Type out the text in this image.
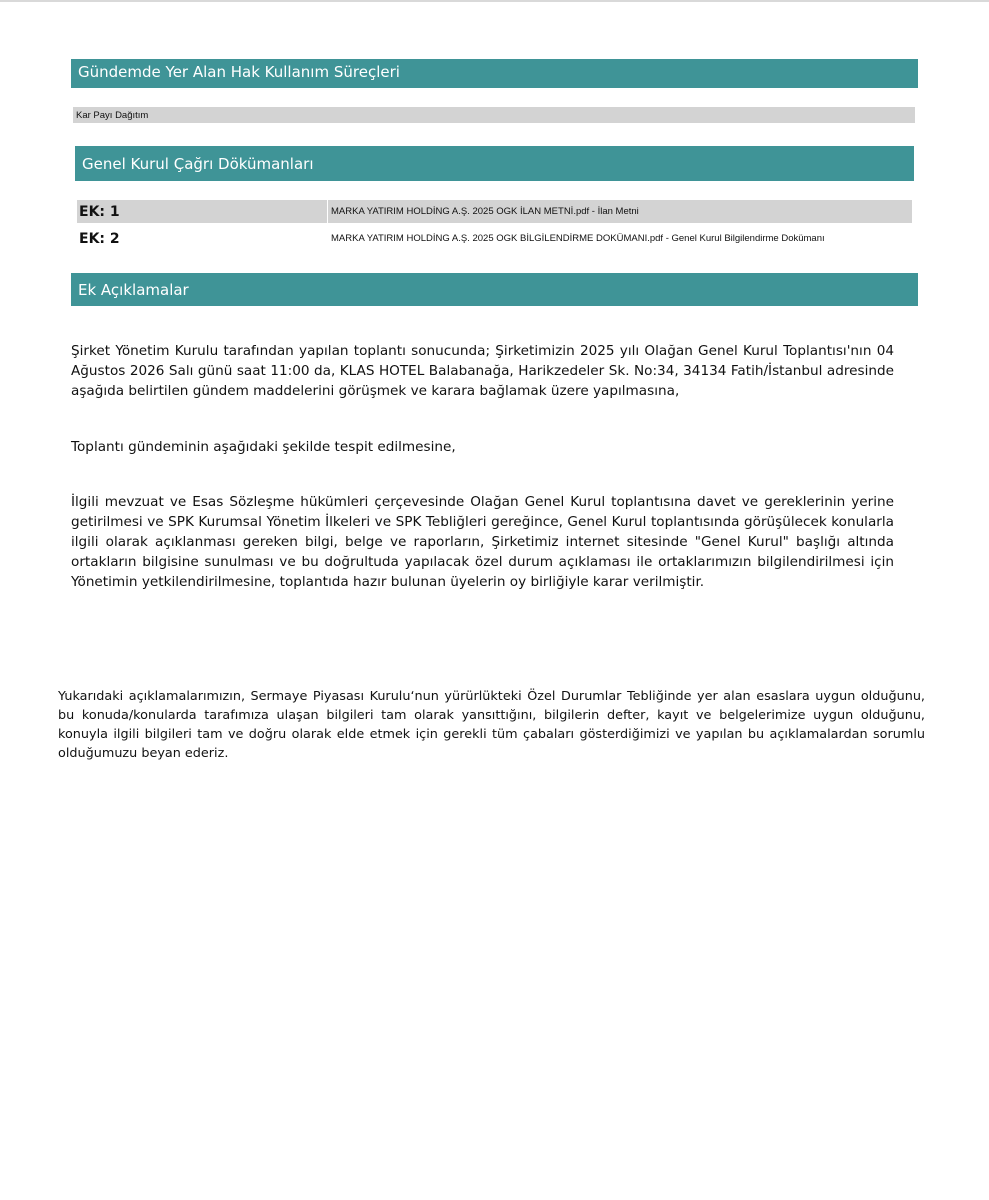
Gündemde Yer Alan Hak Kullanım Süreçleri
Kar Payı Dağıtım
Genel Kurul Çağrı Dökümanları
EK: 1	MARKA YATIRIM HOLDİNG A.Ş. 2025 OGK İLAN METNİ.pdf - İlan Metni
EK: 2	MARKA YATIRIM HOLDİNG A.Ş. 2025 OGK BİLGİLENDİRME DOKÜMANI.pdf - Genel Kurul Bilgilendirme Dokümanı
Ek Açıklamalar

Şirket Yönetim Kurulu tarafından yapılan toplantı sonucunda; Şirketimizin 2025 yılı Olağan Genel Kurul Toplantısı'nın 04 Ağustos 2026 Salı günü saat 11:00 da, KLAS HOTEL Balabanağa, Harikzedeler Sk. No:34, 34134 Fatih/İstanbul adresinde aşağıda belirtilen gündem maddelerini görüşmek ve karara bağlamak üzere yapılmasına,

Toplantı gündeminin aşağıdaki şekilde tespit edilmesine,

İlgili mevzuat ve Esas Sözleşme hükümleri çerçevesinde Olağan Genel Kurul toplantısına davet ve gereklerinin yerine getirilmesi ve SPK Kurumsal Yönetim İlkeleri ve SPK Tebliğleri gereğince, Genel Kurul toplantısında görüşülecek konularla ilgili olarak açıklanması gereken bilgi, belge ve raporların, Şirketimiz internet sitesinde "Genel Kurul" başlığı altında ortakların bilgisine sunulması ve bu doğrultuda yapılacak özel durum açıklaması ile ortaklarımızın bilgilendirilmesi için Yönetimin yetkilendirilmesine, toplantıda hazır bulunan üyelerin oy birliğiyle karar verilmiştir.

Yukarıdaki açıklamalarımızın, Sermaye Piyasası Kurulu‘nun yürürlükteki Özel Durumlar Tebliğinde yer alan esaslara uygun olduğunu, bu konuda/konularda tarafımıza ulaşan bilgileri tam olarak yansıttığını, bilgilerin defter, kayıt ve belgelerimize uygun olduğunu, konuyla ilgili bilgileri tam ve doğru olarak elde etmek için gerekli tüm çabaları gösterdiğimizi ve yapılan bu açıklamalardan sorumlu olduğumuzu beyan ederiz.
